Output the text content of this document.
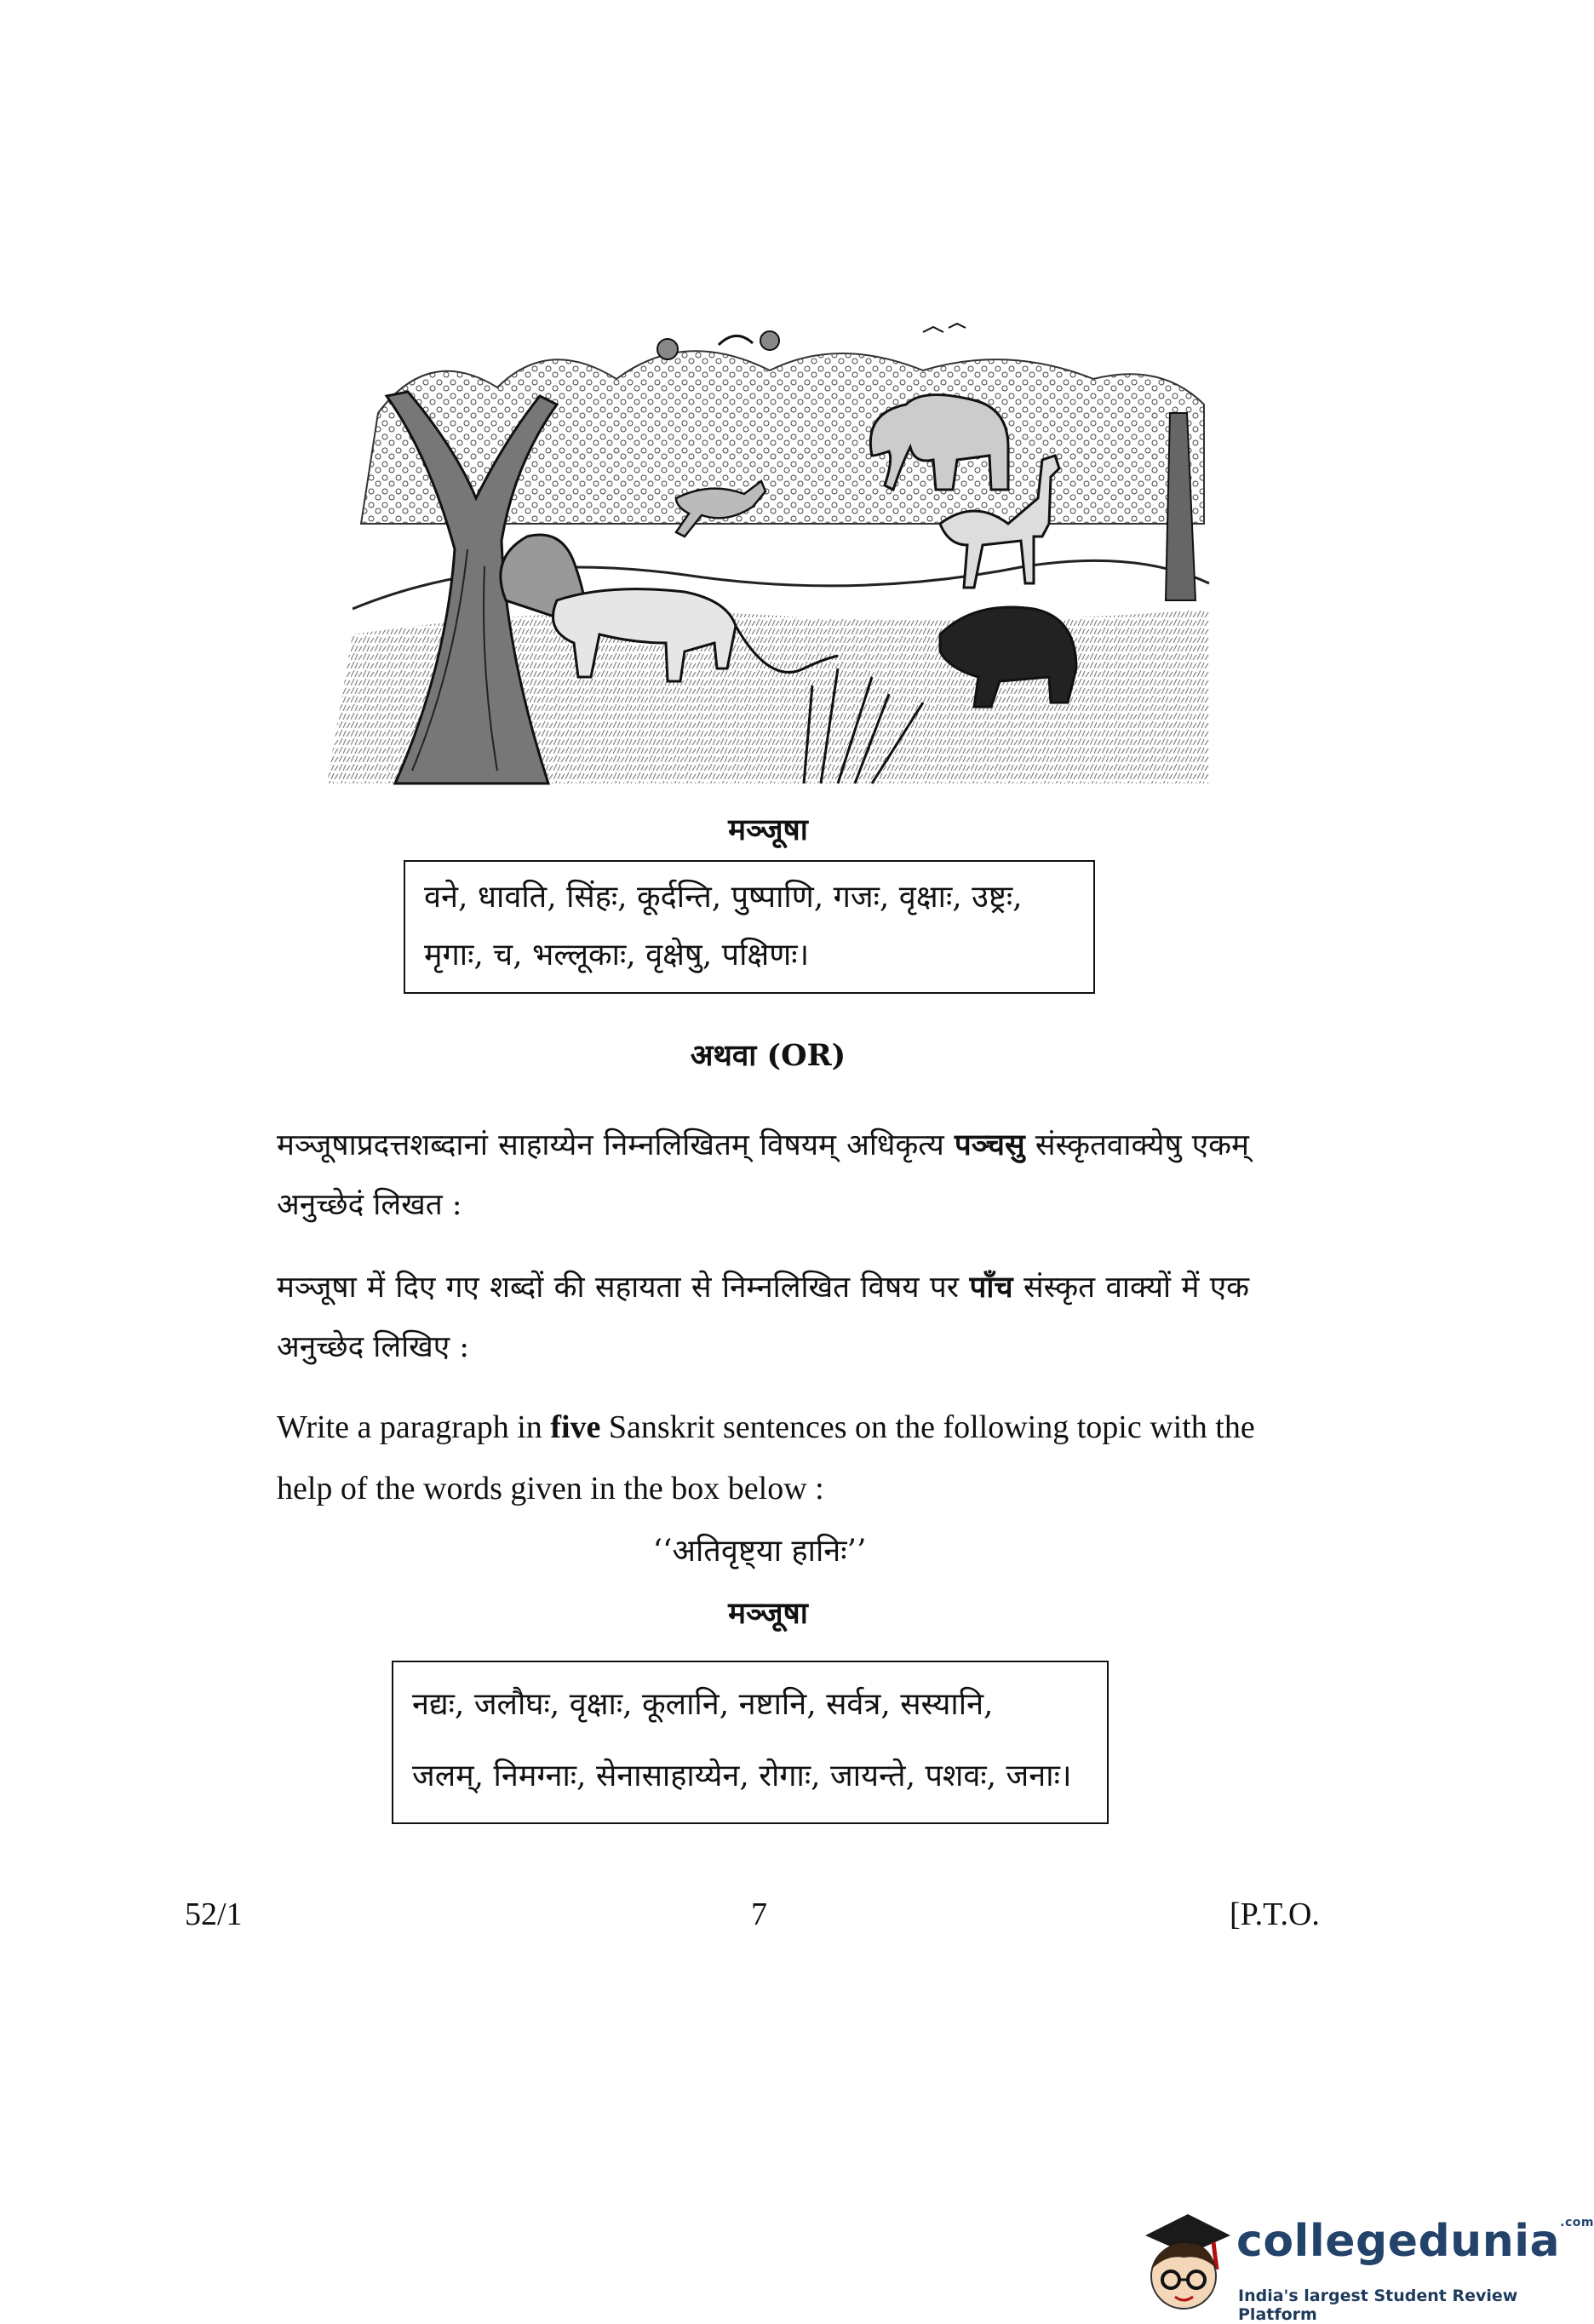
मञ्जूषा
वने, धावति, सिंहः, कूर्दन्ति, पुष्पाणि, गजः, वृक्षाः, उष्ट्रः,
मृगाः, च, भल्लूकाः, वृक्षेषु, पक्षिणः।
अथवा (OR)
मञ्जूषाप्रदत्तशब्दानां साहाय्येन निम्नलिखितम् विषयम् अधिकृत्य पञ्चसु संस्कृतवाक्येषु एकम् अनुच्छेदं लिखत :
मञ्जूषा में दिए गए शब्दों की सहायता से निम्नलिखित विषय पर पाँच संस्कृत वाक्यों में एक अनुच्छेद लिखिए :
Write a paragraph in five Sanskrit sentences on the following topic with the help of the words given in the box below :
‘‘अतिवृष्ट्या हानिः’’
मञ्जूषा
नद्यः, जलौघः, वृक्षाः, कूलानि, नष्टानि, सर्वत्र, सस्यानि,
जलम्, निमग्नाः, सेनासाहाय्येन, रोगाः, जायन्ते, पशवः, जनाः।
52/1	7	[P.T.O.
collegedunia$^{.com}$
India's largest Student Review Platform
